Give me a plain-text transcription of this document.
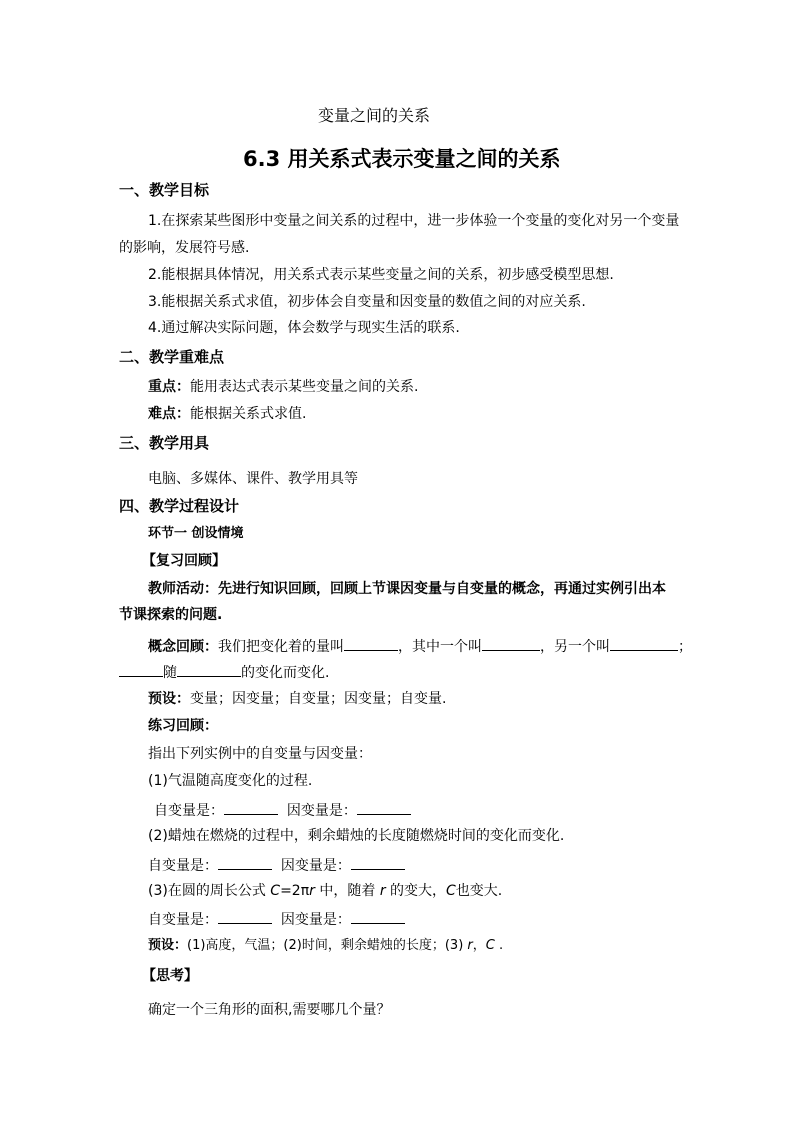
变量之间的关系
6.3 用关系式表示变量之间的关系
一、教学目标
1.在探索某些图形中变量之间关系的过程中，进一步体验一个变量的变化对另一个变量
的影响，发展符号感.
2.能根据具体情况，用关系式表示某些变量之间的关系，初步感受模型思想.
3.能根据关系式求值，初步体会自变量和因变量的数值之间的对应关系.
4.通过解决实际问题，体会数学与现实生活的联系.
二、教学重难点
重点：能用表达式表示某些变量之间的关系.
难点：能根据关系式求值.
三、教学用具
电脑、多媒体、课件、教学用具等
四、教学过程设计
环节一 创设情境
【复习回顾】
教师活动：先进行知识回顾，回顾上节课因变量与自变量的概念，再通过实例引出本
节课探索的问题.
概念回顾：我们把变化着的量叫	，其中一个叫	，另一个叫	；
随	的变化而变化.
预设：变量；因变量；自变量；因变量；自变量.
练习回顾：
指出下列实例中的自变量与因变量：
(1)气温随高度变化的过程.
自变量是：	因变量是：
(2)蜡烛在燃烧的过程中，剩余蜡烛的长度随燃烧时间的变化而变化.
自变量是：	因变量是：
(3)在圆的周长公式 C=2πr 中，随着 r 的变大，C也变大.
自变量是：	因变量是：
预设：(1)高度，气温；(2)时间，剩余蜡烛的长度；(3) r，C .
【思考】
确定一个三角形的面积,需要哪几个量？
